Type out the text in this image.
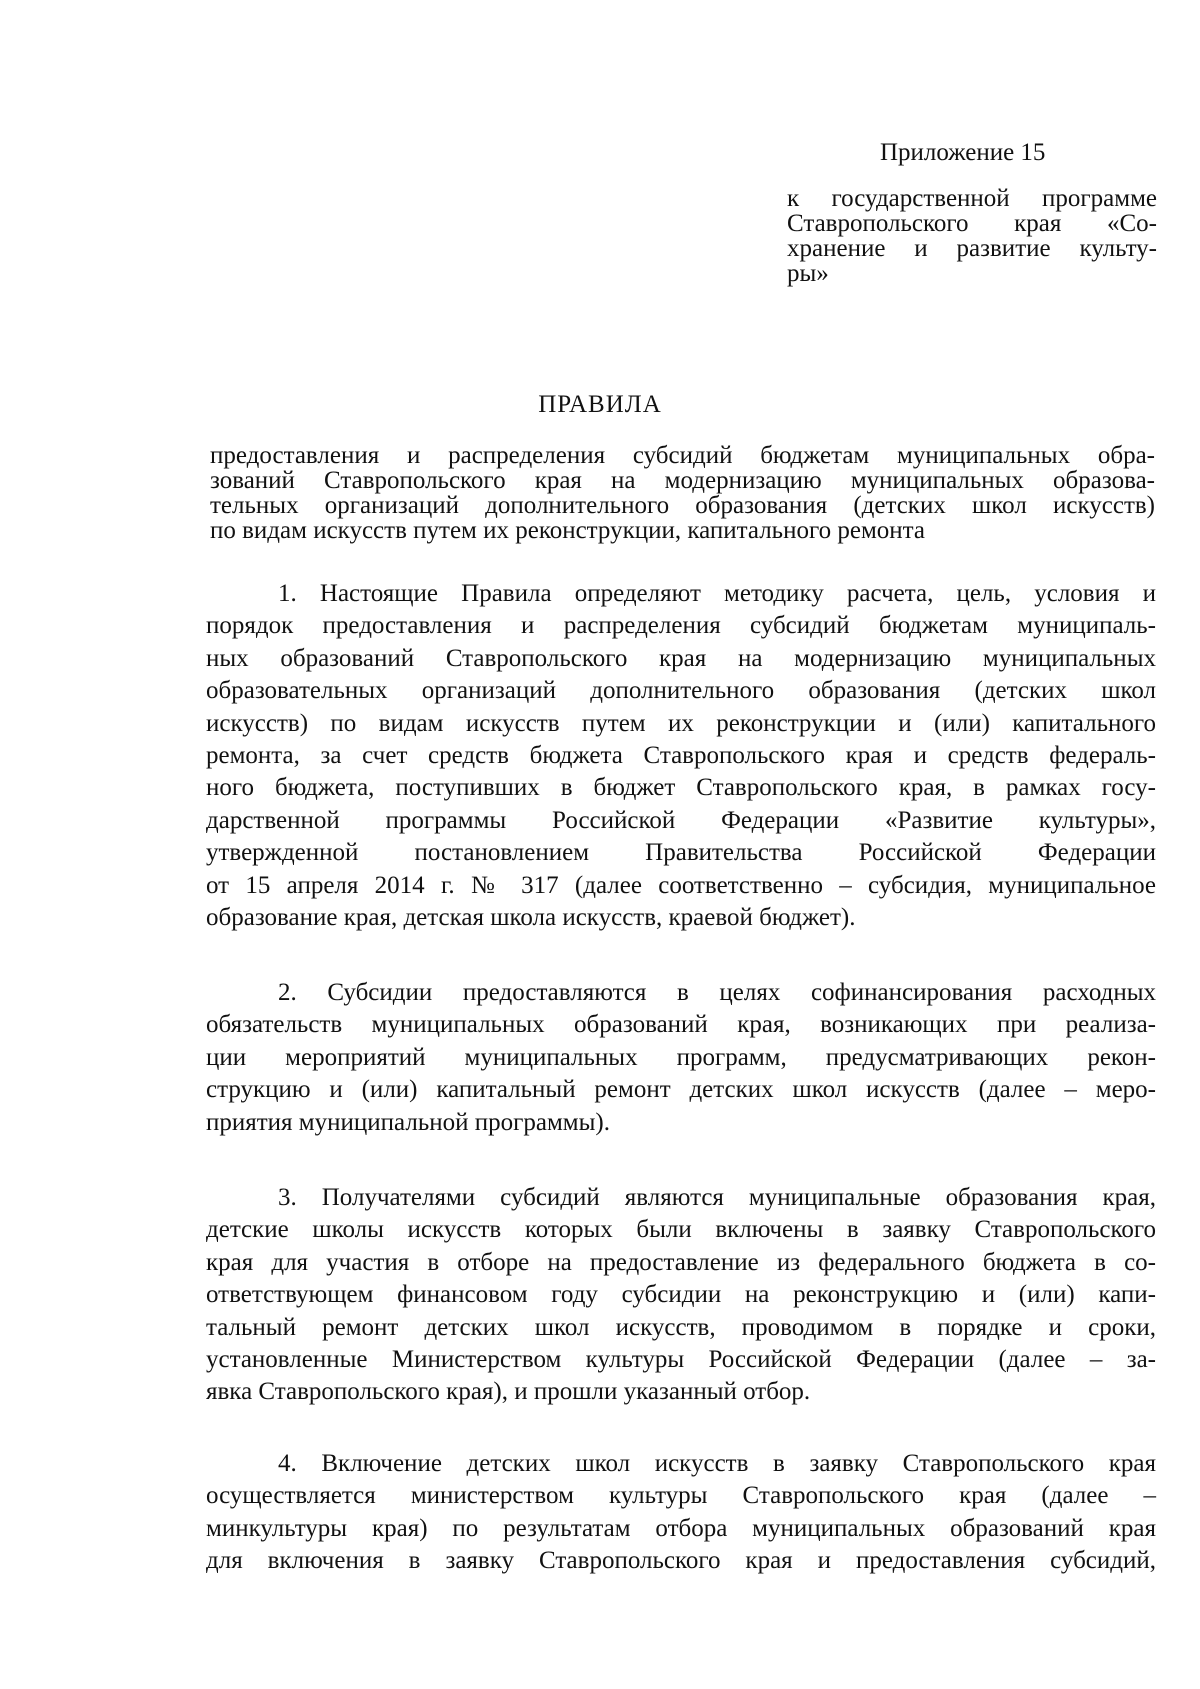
Приложение 15

к государственной программе
Ставропольского края «Со-
хранение и развитие культу-
ры»

ПРАВИЛА

предоставления и распределения субсидий бюджетам муниципальных обра-
зований Ставропольского края на модернизацию муниципальных образова-
тельных организаций дополнительного образования (детских школ искусств)
по видам искусств путем их реконструкции, капитального ремонта

1. Настоящие Правила определяют методику расчета, цель, условия и
порядок предоставления и распределения субсидий бюджетам муниципаль-
ных образований Ставропольского края на модернизацию муниципальных
образовательных организаций дополнительного образования (детских школ
искусств) по видам искусств путем их реконструкции и (или) капитального
ремонта, за счет средств бюджета Ставропольского края и средств федераль-
ного бюджета, поступивших в бюджет Ставропольского края, в рамках госу-
дарственной программы Российской Федерации «Развитие культуры»,
утвержденной постановлением Правительства Российской Федерации
от 15 апреля 2014 г. № 317 (далее соответственно – субсидия, муниципальное
образование края, детская школа искусств, краевой бюджет).

2. Субсидии предоставляются в целях софинансирования расходных
обязательств муниципальных образований края, возникающих при реализа-
ции мероприятий муниципальных программ, предусматривающих рекон-
струкцию и (или) капитальный ремонт детских школ искусств (далее – меро-
приятия муниципальной программы).

3. Получателями субсидий являются муниципальные образования края,
детские школы искусств которых были включены в заявку Ставропольского
края для участия в отборе на предоставление из федерального бюджета в со-
ответствующем финансовом году субсидии на реконструкцию и (или) капи-
тальный ремонт детских школ искусств, проводимом в порядке и сроки,
установленные Министерством культуры Российской Федерации (далее – за-
явка Ставропольского края), и прошли указанный отбор.

4. Включение детских школ искусств в заявку Ставропольского края
осуществляется министерством культуры Ставропольского края (далее –
минкультуры края) по результатам отбора муниципальных образований края
для включения в заявку Ставропольского края и предоставления субсидий,
